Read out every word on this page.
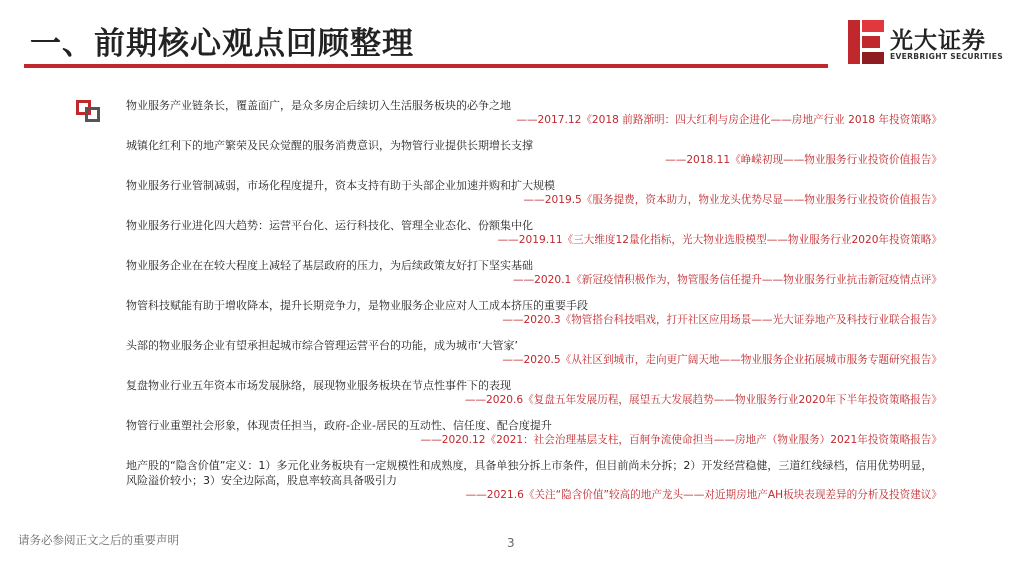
一、前期核心观点回顾整理	光大证券
EVERBRIGHT SECURITIES
物业服务产业链条长，覆盖面广，是众多房企后续切入生活服务板块的必争之地
——2017.12《2018 前路渐明：四大红利与房企进化——房地产行业 2018 年投资策略》
城镇化红利下的地产繁荣及民众觉醒的服务消费意识，为物管行业提供长期增长支撑
——2018.11《峥嵘初现——物业服务行业投资价值报告》
物业服务行业管制减弱，市场化程度提升，资本支持有助于头部企业加速并购和扩大规模
——2019.5《服务提费，资本助力，物业龙头优势尽显——物业服务行业投资价值报告》
物业服务行业进化四大趋势：运营平台化、运行科技化、管理全业态化、份额集中化
——2019.11《三大维度12量化指标，光大物业选股模型——物业服务行业2020年投资策略》
物业服务企业在在较大程度上减轻了基层政府的压力，为后续政策友好打下坚实基础
——2020.1《新冠疫情积极作为，物管服务信任提升——物业服务行业抗击新冠疫情点评》
物管科技赋能有助于增收降本，提升长期竞争力，是物业服务企业应对人工成本挤压的重要手段
——2020.3《物管搭台科技唱戏，打开社区应用场景——光大证券地产及科技行业联合报告》
头部的物业服务企业有望承担起城市综合管理运营平台的功能，成为城市‘大管家’
——2020.5《从社区到城市，走向更广阔天地——物业服务企业拓展城市服务专题研究报告》
复盘物业行业五年资本市场发展脉络，展现物业服务板块在节点性事件下的表现
——2020.6《复盘五年发展历程，展望五大发展趋势——物业服务行业2020年下半年投资策略报告》
物管行业重塑社会形象，体现责任担当，政府-企业-居民的互动性、信任度、配合度提升
——2020.12《2021：社会治理基层支柱，百舸争流使命担当——房地产（物业服务）2021年投资策略报告》
地产股的“隐含价值”定义：1）多元化业务板块有一定规模性和成熟度，具备单独分拆上市条件，但目前尚未分拆；2）开发经营稳健，三道红线绿档，信用优势明显，风险溢价较小；3）安全边际高，股息率较高具备吸引力
——2021.6《关注“隐含价值”较高的地产龙头——对近期房地产AH板块表现差异的分析及投资建议》
请务必参阅正文之后的重要声明	3
